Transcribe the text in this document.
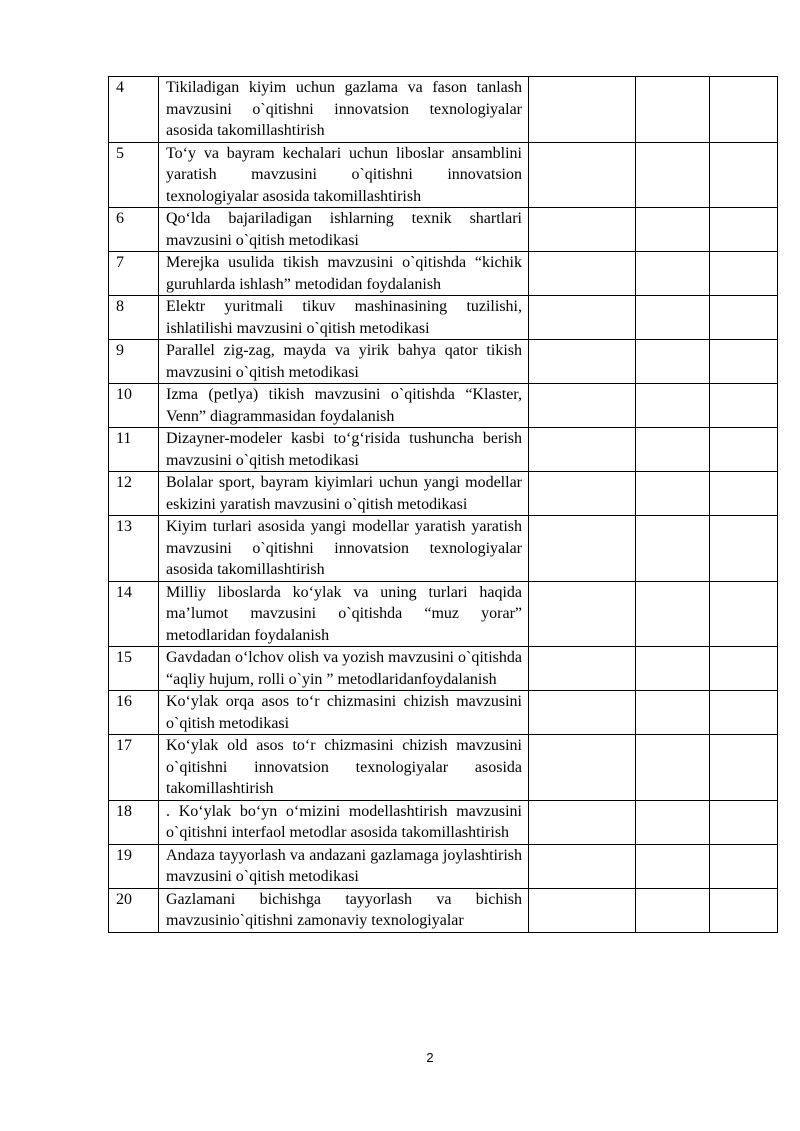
4	Tikiladigan kiyim uchun gazlama va fason tanlash mavzusini o`qitishni innovatsion texnologiyalar asosida takomillashtirish			
5	To‘y va bayram kechalari uchun liboslar ansamblini yaratish mavzusini o`qitishni innovatsion texnologiyalar asosida takomillashtirish			
6	Qo‘lda bajariladigan ishlarning texnik shartlari mavzusini o`qitish metodikasi			
7	Merejka usulida tikish mavzusini o`qitishda “kichik guruhlarda ishlash” metodidan foydalanish			
8	Elektr yuritmali tikuv mashinasining tuzilishi, ishlatilishi mavzusini o`qitish metodikasi			
9	Parallel zig-zag, mayda va yirik bahya qator tikish mavzusini o`qitish metodikasi			
10	Izma (petlya) tikish mavzusini o`qitishda “Klaster, Venn” diagrammasidan foydalanish			
11	Dizayner-modeler kasbi to‘g‘risida tushuncha berish mavzusini o`qitish metodikasi			
12	Bolalar sport, bayram kiyimlari uchun yangi modellar eskizini yaratish mavzusini o`qitish metodikasi			
13	Kiyim turlari asosida yangi modellar yaratish yaratish mavzusini o`qitishni innovatsion texnologiyalar asosida takomillashtirish			
14	Milliy liboslarda ko‘ylak va uning turlari haqida ma’lumot mavzusini o`qitishda “muz yorar” metodlaridan foydalanish			
15	Gavdadan o‘lchov olish va yozish mavzusini o`qitishda “aqliy hujum, rolli o`yin ” metodlaridanfoydalanish			
16	Ko‘ylak orqa asos to‘r chizmasini chizish mavzusini o`qitish metodikasi			
17	Ko‘ylak old asos to‘r chizmasini chizish mavzusini o`qitishni innovatsion texnologiyalar asosida takomillashtirish			
18	. Ko‘ylak bo‘yn o‘mizini modellashtirish mavzusini o`qitishni interfaol metodlar asosida takomillashtirish			
19	Andaza tayyorlash va andazani gazlamaga joylashtirish mavzusini o`qitish metodikasi			
20	Gazlamani bichishga tayyorlash va bichish mavzusinio`qitishni zamonaviy texnologiyalar			
2
